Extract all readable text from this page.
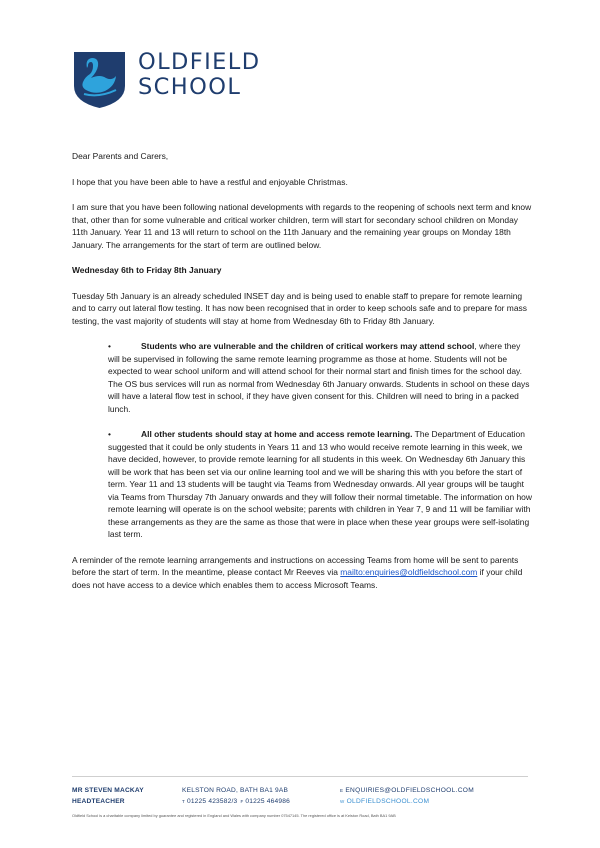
OLDFIELD
SCHOOL

Dear Parents and Carers,

I hope that you have been able to have a restful and enjoyable Christmas.

I am sure that you have been following national developments with regards to the reopening of schools next term and know that, other than for some vulnerable and critical worker children, term will start for secondary school children on Monday 11th January. Year 11 and 13 will return to school on the 11th January and the remaining year groups on Monday 18th January. The arrangements for the start of term are outlined below.

Wednesday 6th to Friday 8th January

Tuesday 5th January is an already scheduled INSET day and is being used to enable staff to prepare for remote learning and to carry out lateral flow testing. It has now been recognised that in order to keep schools safe and to prepare for mass testing, the vast majority of students will stay at home from Wednesday 6th to Friday 8th January.

•	Students who are vulnerable and the children of critical workers may attend school, where they will be supervised in following the same remote learning programme as those at home. Students will not be expected to wear school uniform and will attend school for their normal start and finish times for the school day. The OS bus services will run as normal from Wednesday 6th January onwards. Students in school on these days will have a lateral flow test in school, if they have given consent for this. Children will need to bring in a packed lunch.

•	All other students should stay at home and access remote learning. The Department of Education suggested that it could be only students in Years 11 and 13 who would receive remote learning in this week, we have decided, however, to provide remote learning for all students in this week. On Wednesday 6th January this will be work that has been set via our online learning tool and we will be sharing this with you before the start of term. Year 11 and 13 students will be taught via Teams from Wednesday onwards. All year groups will be taught via Teams from Thursday 7th January onwards and they will follow their normal timetable. The information on how remote learning will operate is on the school website; parents with children in Year 7, 9 and 11 will be familiar with these arrangements as they are the same as those that were in place when these year groups were self-isolating last term.

A reminder of the remote learning arrangements and instructions on accessing Teams from home will be sent to parents before the start of term. In the meantime, please contact Mr Reeves via mailto:enquiries@oldfieldschool.com if your child does not have access to a device which enables them to access Microsoft Teams.

MR STEVEN MACKAY
HEADTEACHER
KELSTON ROAD, BATH BA1 9AB
$^T$ 01225 423582/3 $^F$ 01225 464986
$^E$ ENQUIRIES@OLDFIELDSCHOOL.COM
$^W$ OLDFIELDSCHOOL.COM
Oldfield School is a charitable company limited by guarantee and registered in England and Wales with company number 07547145. The registered office is at Kelston Road, Bath BA1 9AB
